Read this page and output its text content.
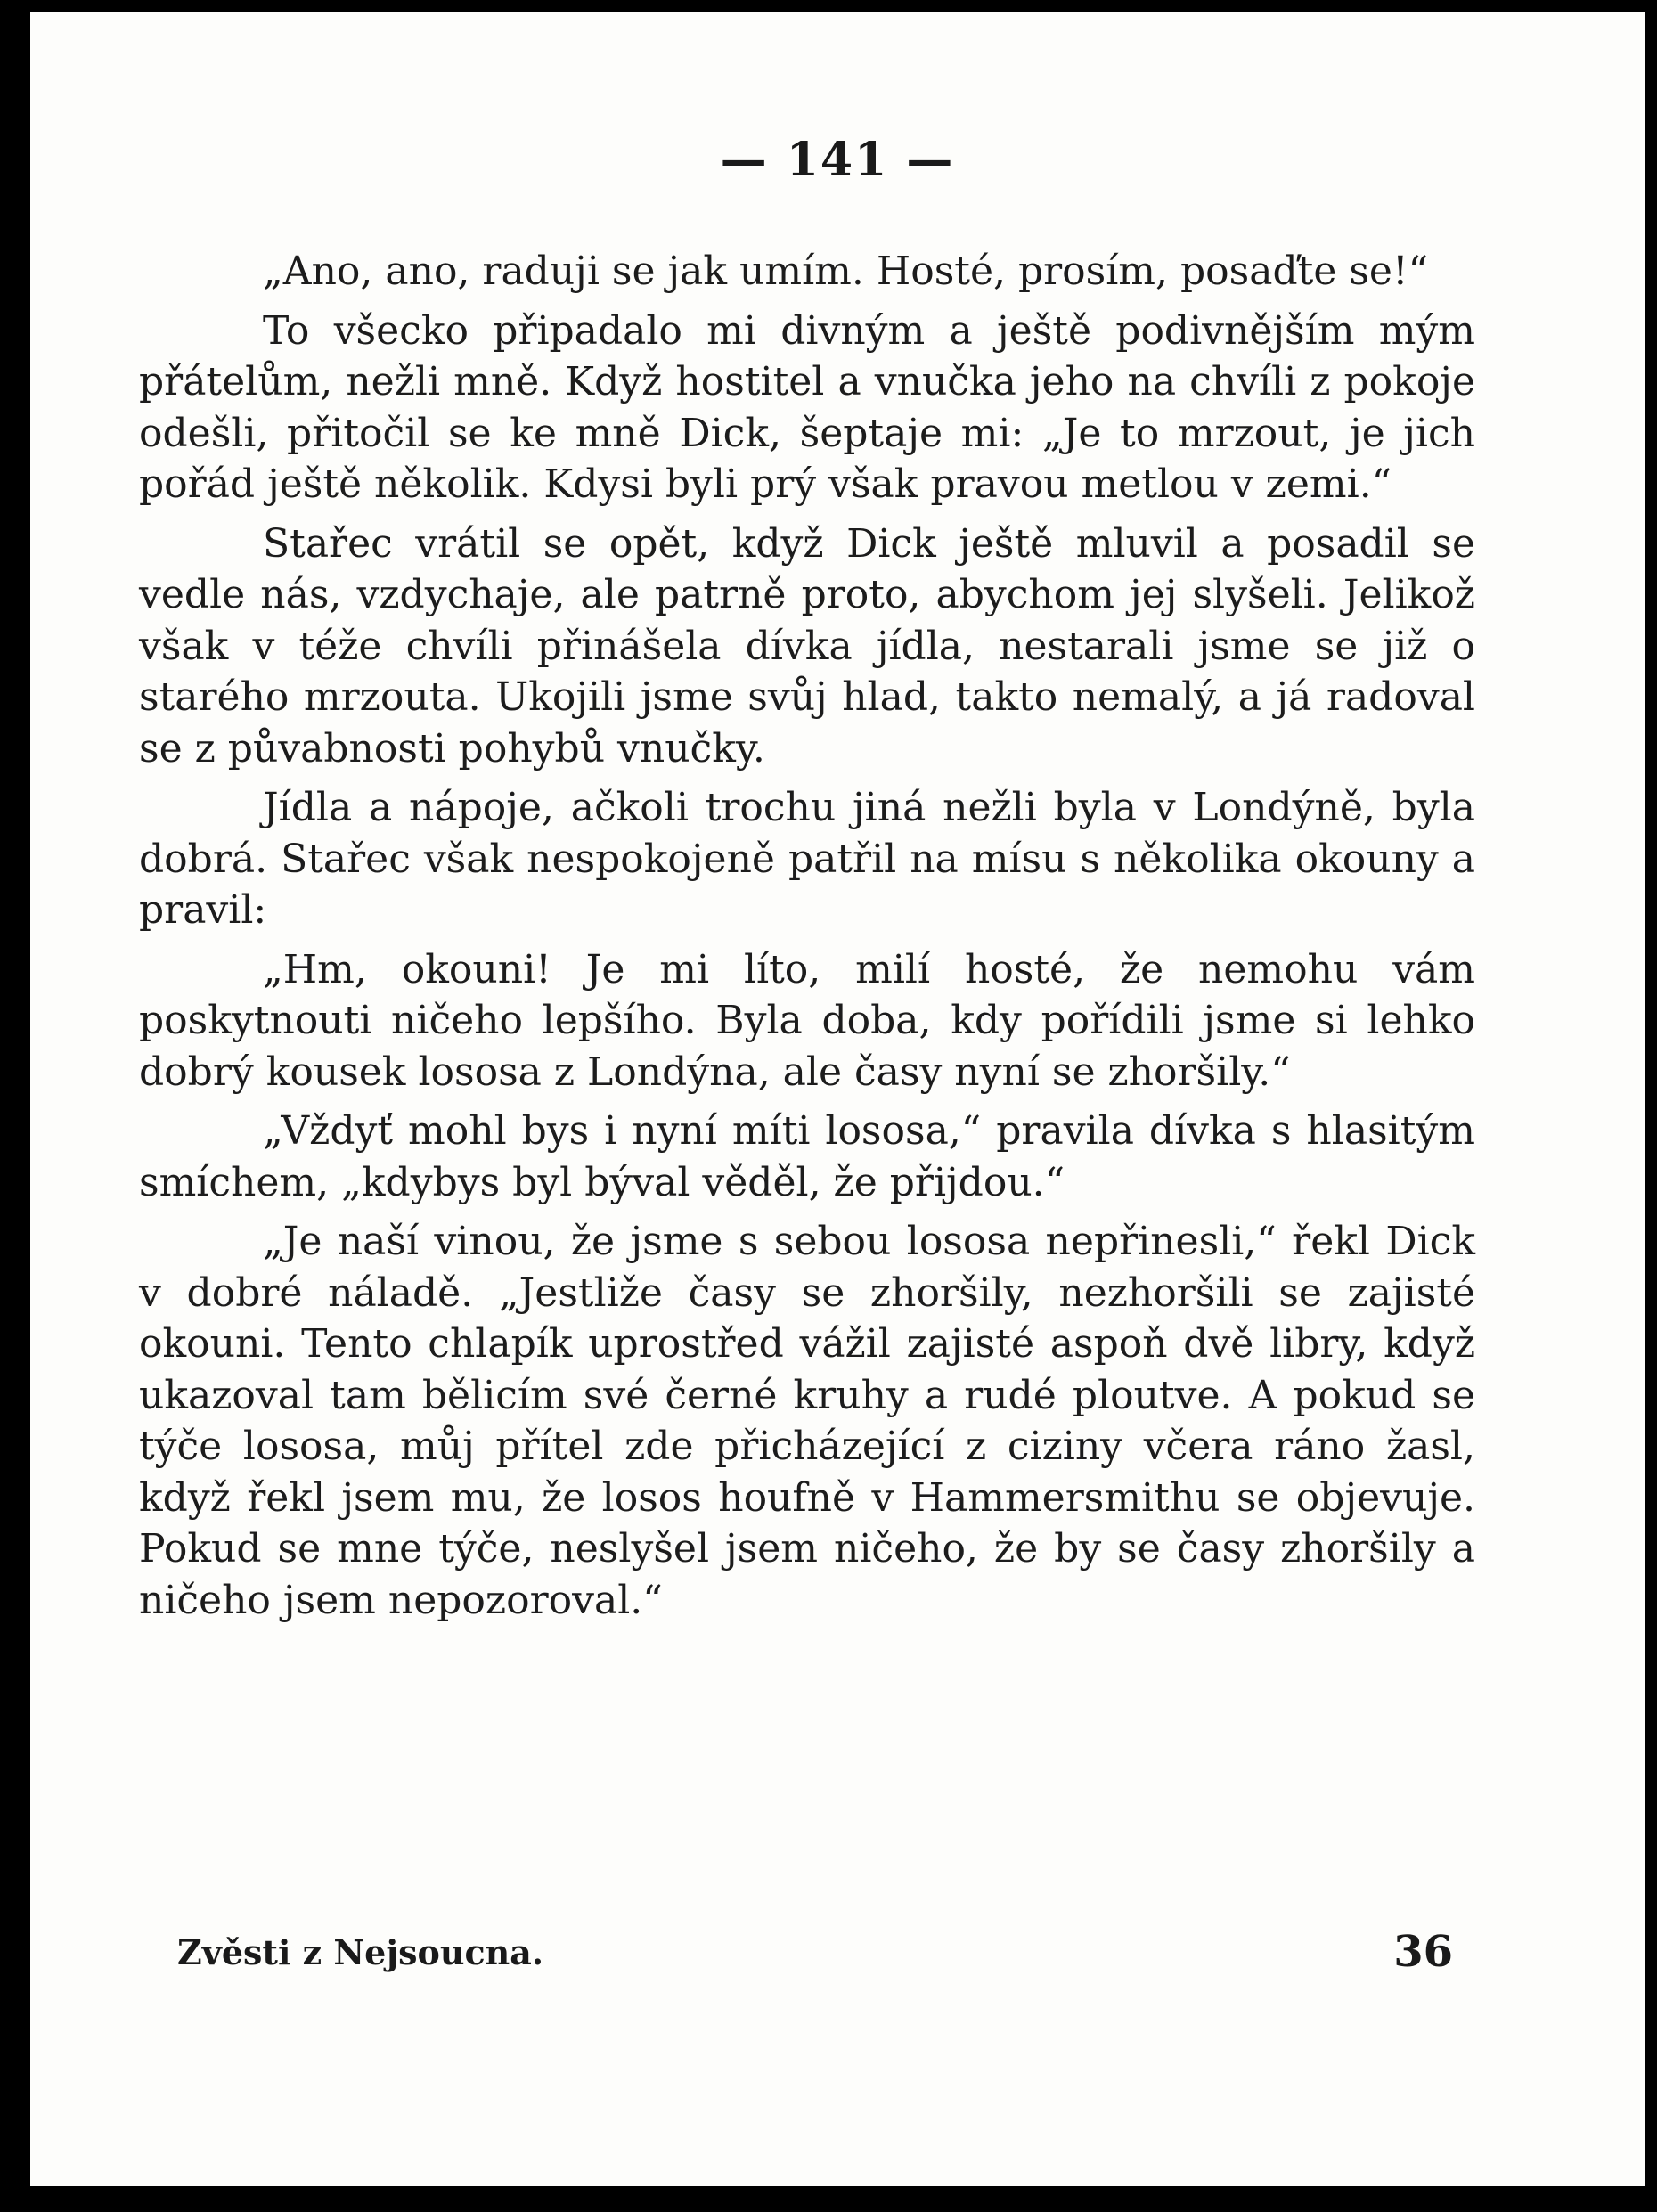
— 141 —

„Ano, ano, raduji se jak umím. Hosté, prosím, posaďte se!“

To všecko připadalo mi divným a ještě podivnějším mým přátelům, nežli mně. Když hostitel a vnučka jeho na chvíli z pokoje odešli, přitočil se ke mně Dick, šeptaje mi: „Je to mrzout, je jich pořád ještě několik. Kdysi byli prý však pravou metlou v zemi.“

Stařec vrátil se opět, když Dick ještě mluvil a posadil se vedle nás, vzdychaje, ale patrně proto, abychom jej slyšeli. Jelikož však v téže chvíli přinášela dívka jídla, nestarali jsme se již o starého mrzouta. Ukojili jsme svůj hlad, takto nemalý, a já radoval se z půvabnosti pohybů vnučky.

Jídla a nápoje, ačkoli trochu jiná nežli byla v Londýně, byla dobrá. Stařec však nespokojeně patřil na mísu s několika okouny a pravil:

„Hm, okouni! Je mi líto, milí hosté, že nemohu vám poskytnouti ničeho lepšího. Byla doba, kdy pořídili jsme si lehko dobrý kousek lososa z Londýna, ale časy nyní se zhoršily.“

„Vždyť mohl bys i nyní míti lososa,“ pravila dívka s hlasitým smíchem, „kdybys byl býval věděl, že přijdou.“

„Je naší vinou, že jsme s sebou lososa nepřinesli,“ řekl Dick v dobré náladě. „Jestliže časy se zhoršily, nezhoršili se zajisté okouni. Tento chlapík uprostřed vážil zajisté aspoň dvě libry, když ukazoval tam bělicím své černé kruhy a rudé ploutve. A pokud se týče lososa, můj přítel zde přicházející z ciziny včera ráno žasl, když řekl jsem mu, že losos houfně v Hammersmithu se objevuje. Pokud se mne týče, neslyšel jsem ničeho, že by se časy zhoršily a ničeho jsem nepozoroval.“

Zvěsti z Nejsoucna.	36
